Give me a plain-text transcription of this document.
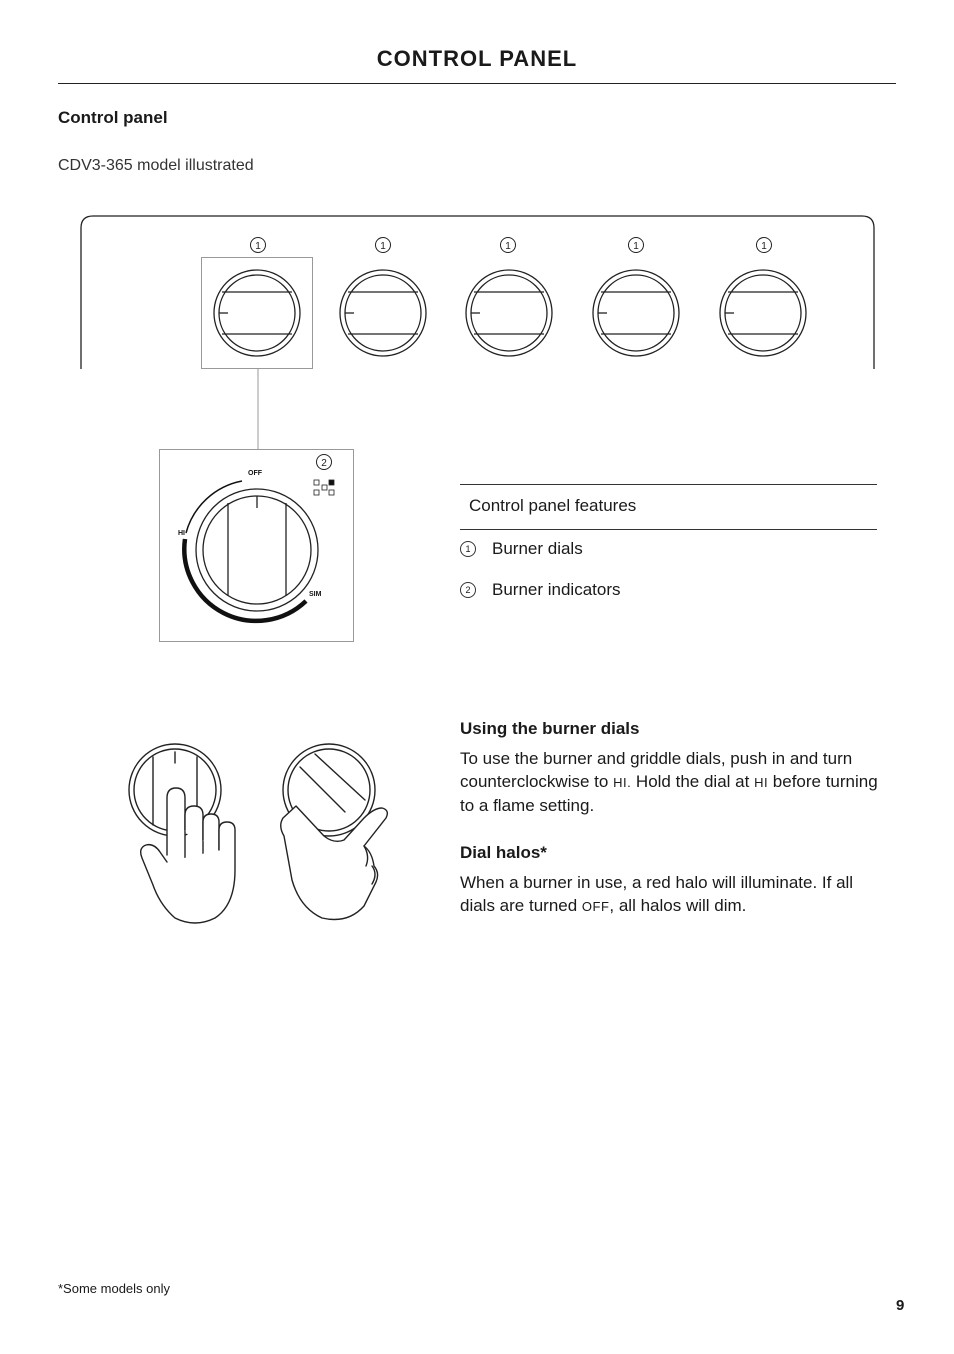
CONTROL PANEL
Control panel
CDV3-365 model illustrated
1	1	1	1	1
OFF
HI
SIM
2
Control panel features
1	Burner dials
2	Burner indicators
Using the burner dials
To use the burner and griddle dials, push in and turn counterclockwise to HI. Hold the dial at HI before turning to a flame setting.
Dial halos*
When a burner in use, a red halo will illuminate. If all dials are turned OFF, all halos will dim.
*Some models only
9
